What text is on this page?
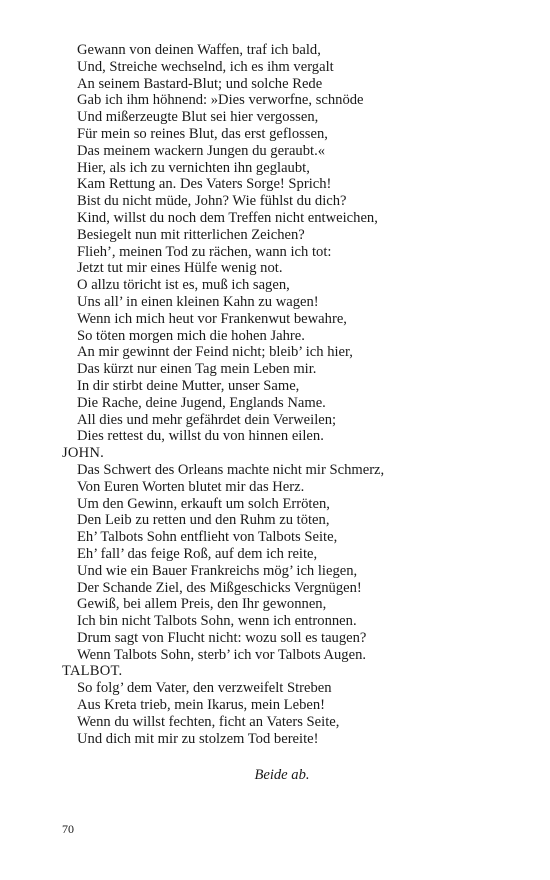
Gewann von deinen Waffen, traf ich bald,
Und, Streiche wechselnd, ich es ihm vergalt
An seinem Bastard-Blut; und solche Rede
Gab ich ihm höhnend: »Dies verworfne, schnöde
Und mißerzeugte Blut sei hier vergossen,
Für mein so reines Blut, das erst geflossen,
Das meinem wackern Jungen du geraubt.«
Hier, als ich zu vernichten ihn geglaubt,
Kam Rettung an. Des Vaters Sorge! Sprich!
Bist du nicht müde, John? Wie fühlst du dich?
Kind, willst du noch dem Treffen nicht entweichen,
Besiegelt nun mit ritterlichen Zeichen?
Flieh’, meinen Tod zu rächen, wann ich tot:
Jetzt tut mir eines Hülfe wenig not.
O allzu töricht ist es, muß ich sagen,
Uns all’ in einen kleinen Kahn zu wagen!
Wenn ich mich heut vor Frankenwut bewahre,
So töten morgen mich die hohen Jahre.
An mir gewinnt der Feind nicht; bleib’ ich hier,
Das kürzt nur einen Tag mein Leben mir.
In dir stirbt deine Mutter, unser Same,
Die Rache, deine Jugend, Englands Name.
All dies und mehr gefährdet dein Verweilen;
Dies rettest du, willst du von hinnen eilen.
JOHN.
Das Schwert des Orleans machte nicht mir Schmerz,
Von Euren Worten blutet mir das Herz.
Um den Gewinn, erkauft um solch Erröten,
Den Leib zu retten und den Ruhm zu töten,
Eh’ Talbots Sohn entflieht von Talbots Seite,
Eh’ fall’ das feige Roß, auf dem ich reite,
Und wie ein Bauer Frankreichs mög’ ich liegen,
Der Schande Ziel, des Mißgeschicks Vergnügen!
Gewiß, bei allem Preis, den Ihr gewonnen,
Ich bin nicht Talbots Sohn, wenn ich entronnen.
Drum sagt von Flucht nicht: wozu soll es taugen?
Wenn Talbots Sohn, sterb’ ich vor Talbots Augen.
TALBOT.
So folg’ dem Vater, den verzweifelt Streben
Aus Kreta trieb, mein Ikarus, mein Leben!
Wenn du willst fechten, ficht an Vaters Seite,
Und dich mit mir zu stolzem Tod bereite!
Beide ab.
70
